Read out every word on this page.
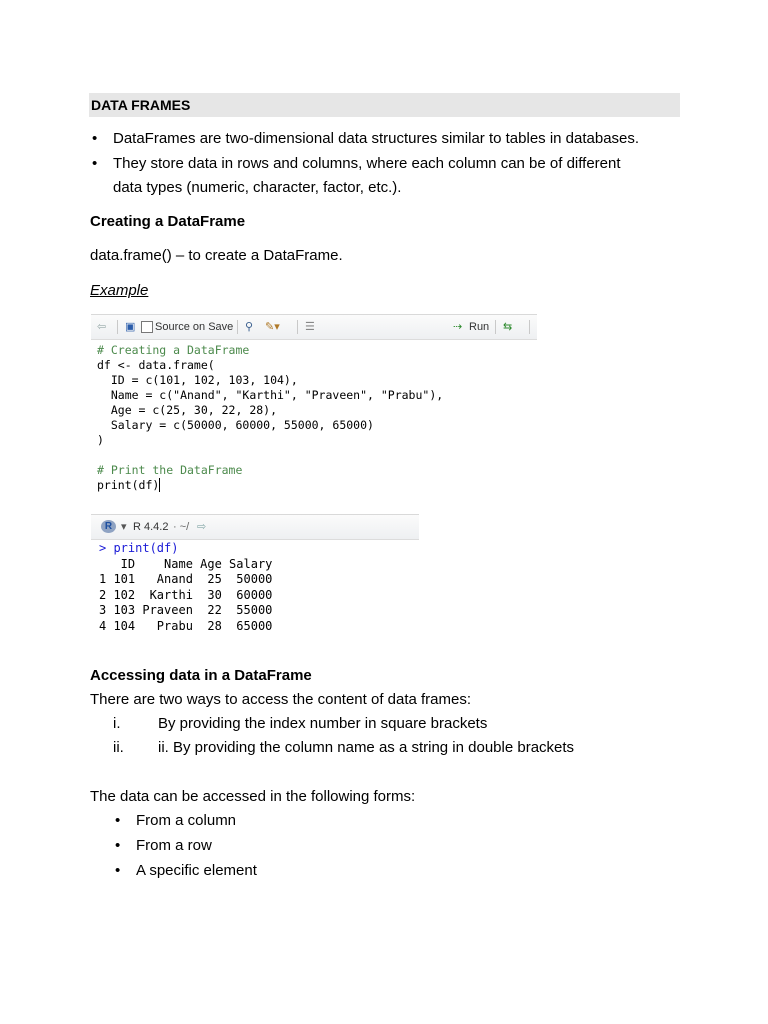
DATA FRAMES
• DataFrames are two-dimensional data structures similar to tables in databases.
• They store data in rows and columns, where each column can be of different
data types (numeric, character, factor, etc.).
Creating a DataFrame
data.frame() – to create a DataFrame.
Example
⇦ ▣ Source on Save ⚲ ✎▾ ☰	⇢ Run ⇆
# Creating a DataFrame
df <- data.frame(
ID = c(101, 102, 103, 104),
Name = c("Anand", "Karthi", "Praveen", "Prabu"),
Age = c(25, 30, 22, 28),
Salary = c(50000, 60000, 55000, 65000)
)

# Print the DataFrame
print(df)
R ▾ R 4.4.2 · ~/ ⇨
> print(df)
ID    Name Age Salary
1 101   Anand  25  50000
2 102  Karthi  30  60000
3 103 Praveen  22  55000
4 104   Prabu  28  65000
Accessing data in a DataFrame
There are two ways to access the content of data frames:
i.	By providing the index number in square brackets
ii. ii. By providing the column name as a string in double brackets
The data can be accessed in the following forms:
• From a column
• From a row
• A specific element
